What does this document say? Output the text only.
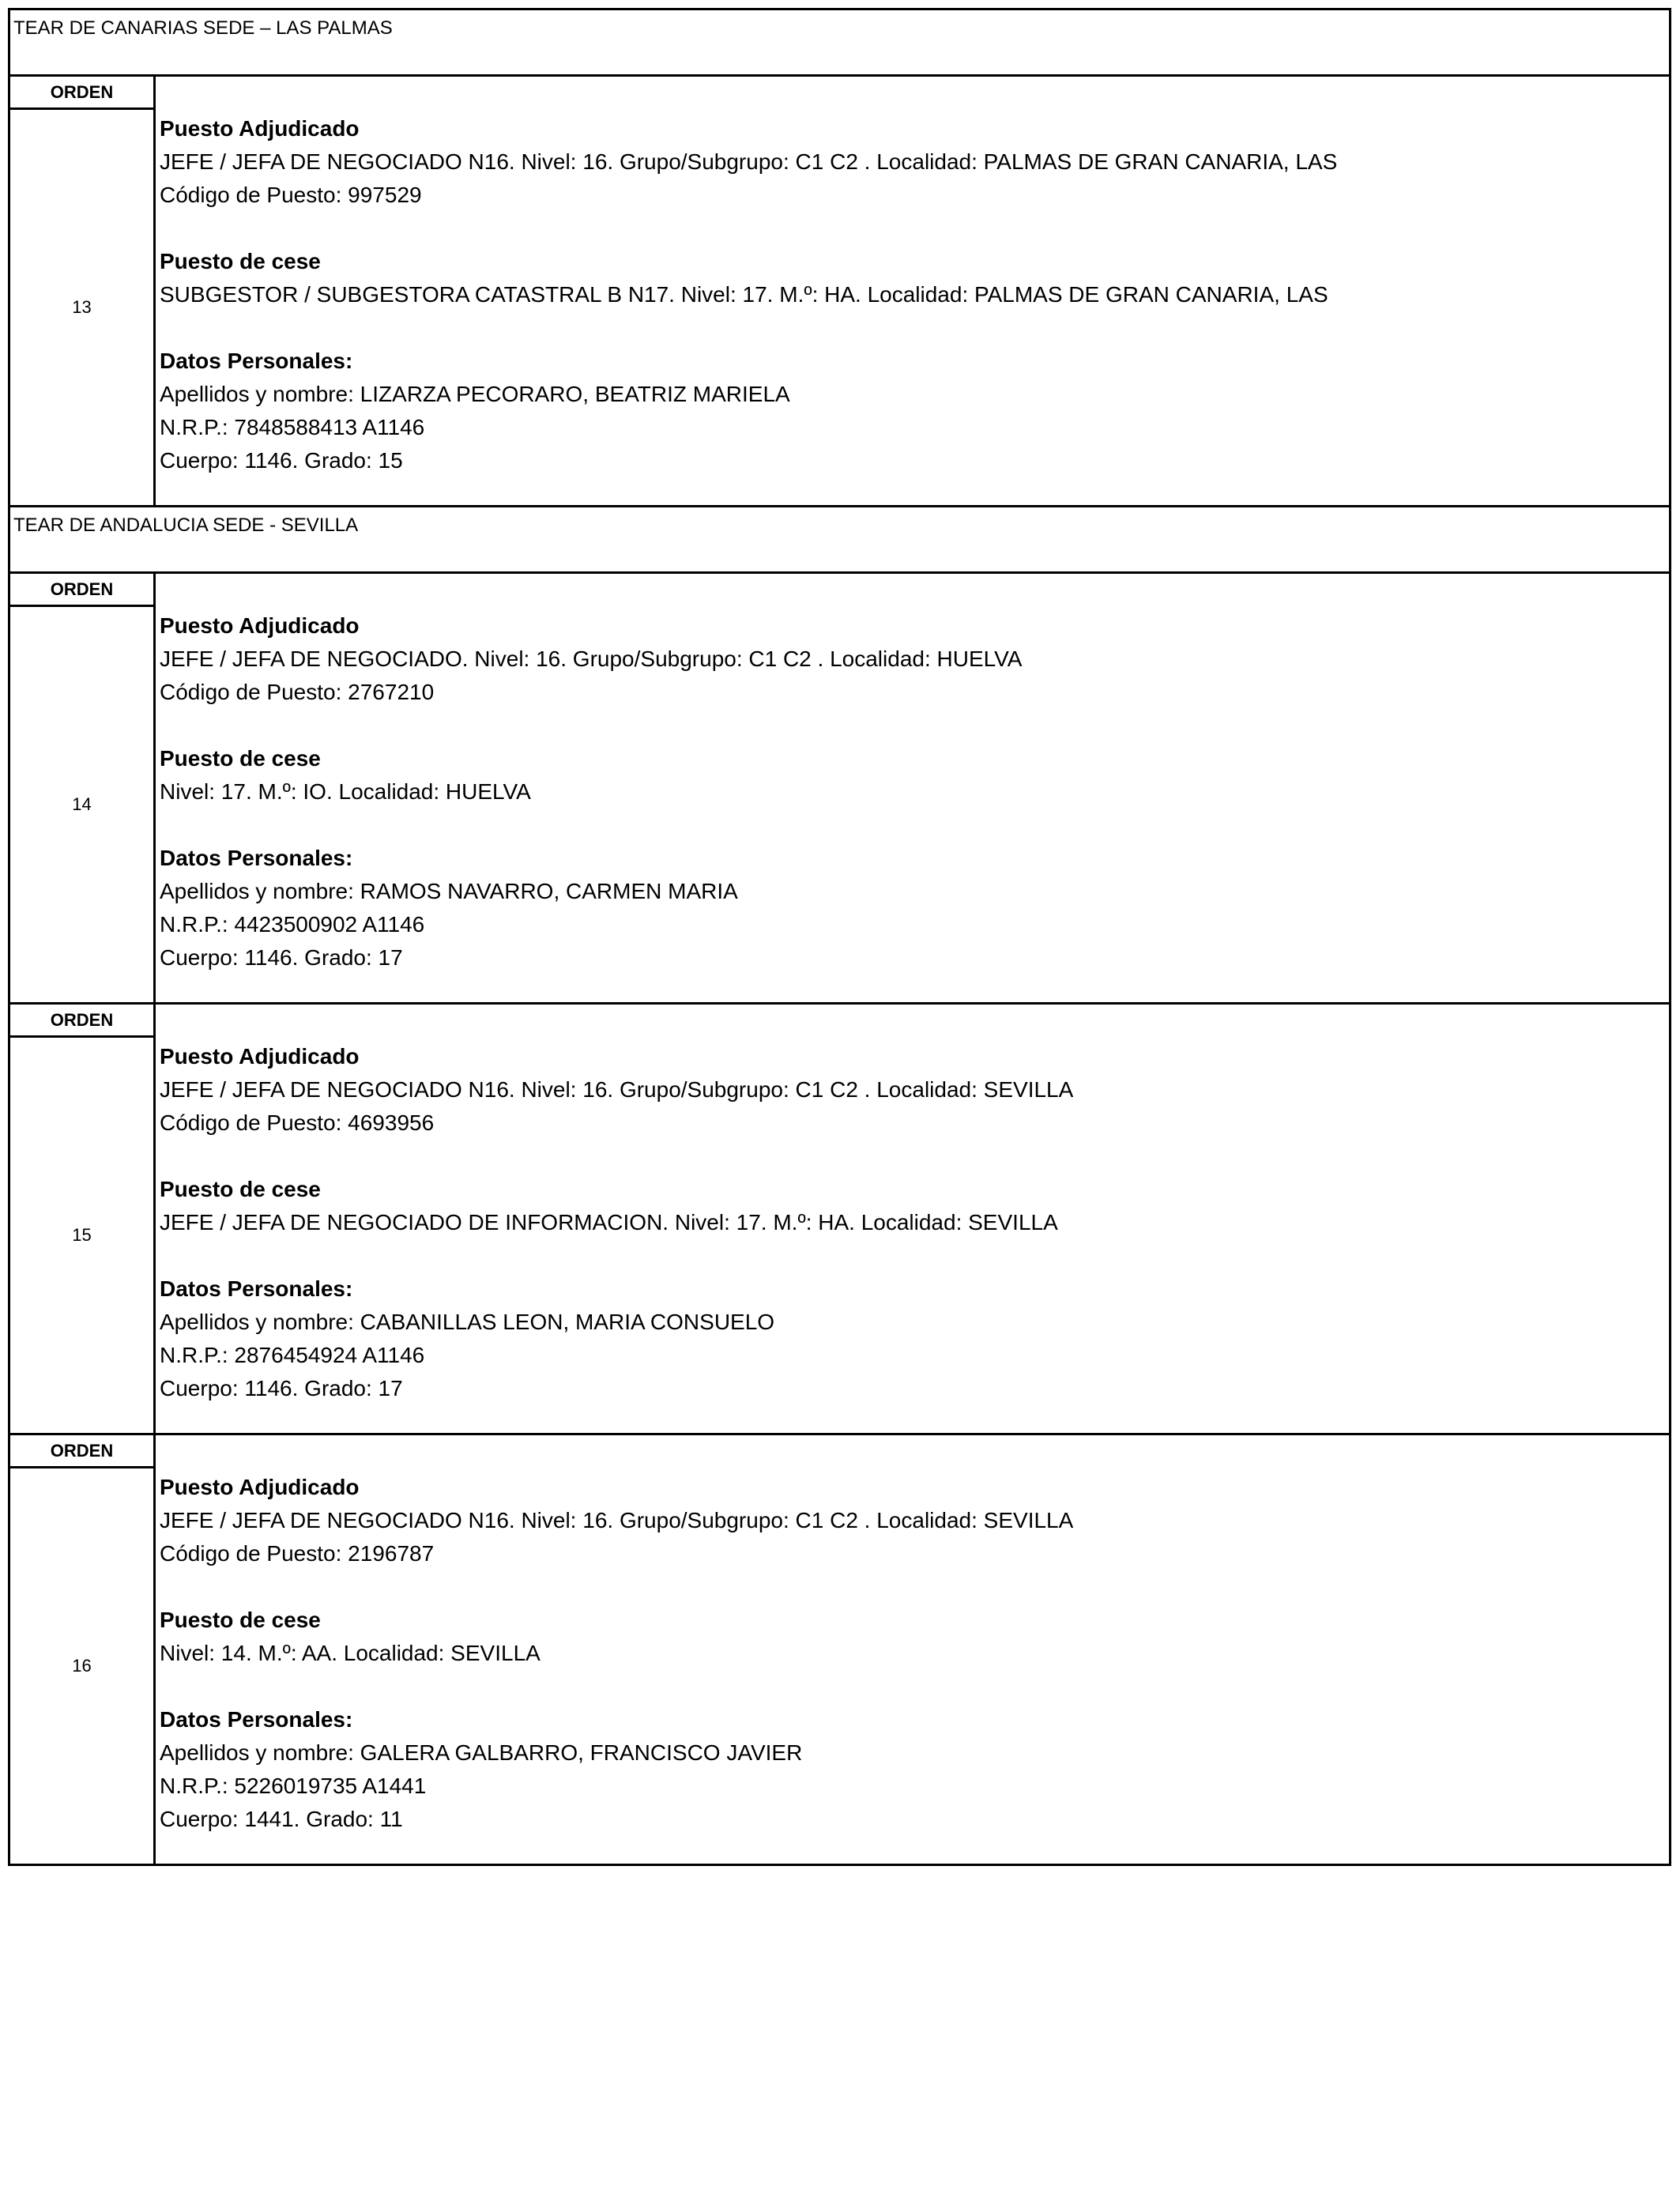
TEAR DE CANARIAS SEDE – LAS PALMAS
ORDEN
13
Puesto Adjudicado
JEFE / JEFA DE NEGOCIADO N16. Nivel: 16. Grupo/Subgrupo: C1 C2 . Localidad: PALMAS DE GRAN CANARIA, LAS
Código de Puesto: 997529
Puesto de cese
SUBGESTOR / SUBGESTORA CATASTRAL B N17. Nivel: 17. M.º: HA. Localidad: PALMAS DE GRAN CANARIA, LAS
Datos Personales:
Apellidos y nombre: LIZARZA PECORARO, BEATRIZ MARIELA
N.R.P.: 7848588413 A1146
Cuerpo: 1146. Grado: 15
TEAR DE ANDALUCIA SEDE - SEVILLA
ORDEN
14
Puesto Adjudicado
JEFE / JEFA DE NEGOCIADO. Nivel: 16. Grupo/Subgrupo: C1 C2 . Localidad: HUELVA
Código de Puesto: 2767210
Puesto de cese
Nivel: 17. M.º: IO. Localidad: HUELVA
Datos Personales:
Apellidos y nombre: RAMOS NAVARRO, CARMEN MARIA
N.R.P.: 4423500902 A1146
Cuerpo: 1146. Grado: 17
ORDEN
15
Puesto Adjudicado
JEFE / JEFA DE NEGOCIADO N16. Nivel: 16. Grupo/Subgrupo: C1 C2 . Localidad: SEVILLA
Código de Puesto: 4693956
Puesto de cese
JEFE / JEFA DE NEGOCIADO DE INFORMACION. Nivel: 17. M.º: HA. Localidad: SEVILLA
Datos Personales:
Apellidos y nombre: CABANILLAS LEON, MARIA CONSUELO
N.R.P.: 2876454924 A1146
Cuerpo: 1146. Grado: 17
ORDEN
16
Puesto Adjudicado
JEFE / JEFA DE NEGOCIADO N16. Nivel: 16. Grupo/Subgrupo: C1 C2 . Localidad: SEVILLA
Código de Puesto: 2196787
Puesto de cese
Nivel: 14. M.º: AA. Localidad: SEVILLA
Datos Personales:
Apellidos y nombre: GALERA GALBARRO, FRANCISCO JAVIER
N.R.P.: 5226019735 A1441
Cuerpo: 1441. Grado: 11
